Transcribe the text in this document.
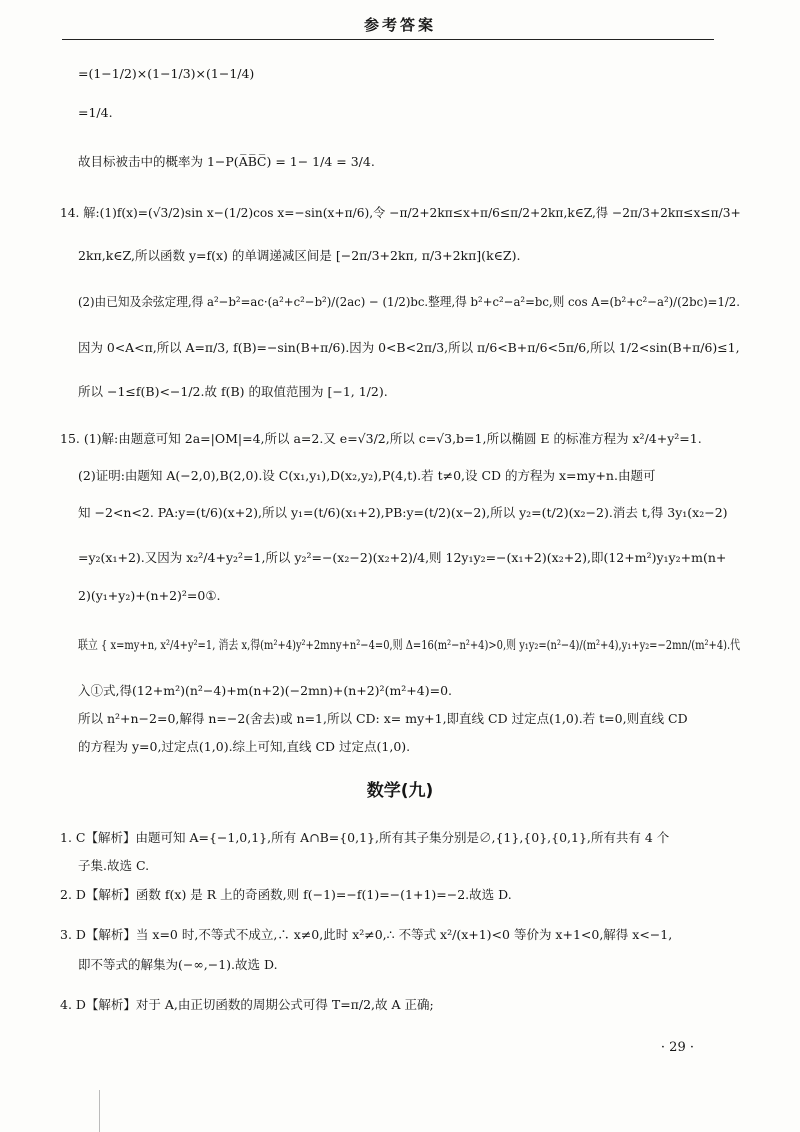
参考答案
=(1−1/2)×(1−1/3)×(1−1/4)
=1/4.
故目标被击中的概率为 1−P(A̅B̅C̅) = 1− 1/4 = 3/4.
14. 解:(1)f(x)=(√3/2)sin x−(1/2)cos x=−sin(x+π/6),令 −π/2+2kπ≤x+π/6≤π/2+2kπ,k∈Z,得 −2π/3+2kπ≤x≤π/3+
2kπ,k∈Z,所以函数 y=f(x) 的单调递减区间是 [−2π/3+2kπ, π/3+2kπ](k∈Z).
(2)由已知及余弦定理,得 a²−b²=ac·(a²+c²−b²)/(2ac) − (1/2)bc.整理,得 b²+c²−a²=bc,则 cos A=(b²+c²−a²)/(2bc)=1/2.
因为 0<A<π,所以 A=π/3, f(B)=−sin(B+π/6).因为 0<B<2π/3,所以 π/6<B+π/6<5π/6,所以 1/2<sin(B+π/6)≤1,
所以 −1≤f(B)<−1/2.故 f(B) 的取值范围为 [−1, 1/2).
15. (1)解:由题意可知 2a=|OM|=4,所以 a=2.又 e=√3/2,所以 c=√3,b=1,所以椭圆 E 的标准方程为 x²/4+y²=1.
(2)证明:由题知 A(−2,0),B(2,0).设 C(x₁,y₁),D(x₂,y₂),P(4,t).若 t≠0,设 CD 的方程为 x=my+n.由题可
知 −2<n<2. PA:y=(t/6)(x+2),所以 y₁=(t/6)(x₁+2),PB:y=(t/2)(x−2),所以 y₂=(t/2)(x₂−2).消去 t,得 3y₁(x₂−2)
=y₂(x₁+2).又因为 x₂²/4+y₂²=1,所以 y₂²=−(x₂−2)(x₂+2)/4,则 12y₁y₂=−(x₁+2)(x₂+2),即(12+m²)y₁y₂+m(n+
2)(y₁+y₂)+(n+2)²=0①.
联立 { x=my+n, x²/4+y²=1, 消去 x,得(m²+4)y²+2mny+n²−4=0,则 Δ=16(m²−n²+4)>0,则 y₁y₂=(n²−4)/(m²+4),y₁+y₂=−2mn/(m²+4).代
入①式,得(12+m²)(n²−4)+m(n+2)(−2mn)+(n+2)²(m²+4)=0.
所以 n²+n−2=0,解得 n=−2(舍去)或 n=1,所以 CD: x= my+1,即直线 CD 过定点(1,0).若 t=0,则直线 CD
的方程为 y=0,过定点(1,0).综上可知,直线 CD 过定点(1,0).
数学(九)
1. C【解析】由题可知 A={−1,0,1},所有 A∩B={0,1},所有其子集分别是∅,{1},{0},{0,1},所有共有 4 个
子集.故选 C.
2. D【解析】函数 f(x) 是 R 上的奇函数,则 f(−1)=−f(1)=−(1+1)=−2.故选 D.
3. D【解析】当 x=0 时,不等式不成立,∴ x≠0,此时 x²≠0,∴ 不等式 x²/(x+1)<0 等价为 x+1<0,解得 x<−1,
即不等式的解集为(−∞,−1).故选 D.
4. D【解析】对于 A,由正切函数的周期公式可得 T=π/2,故 A 正确;
· 29 ·
